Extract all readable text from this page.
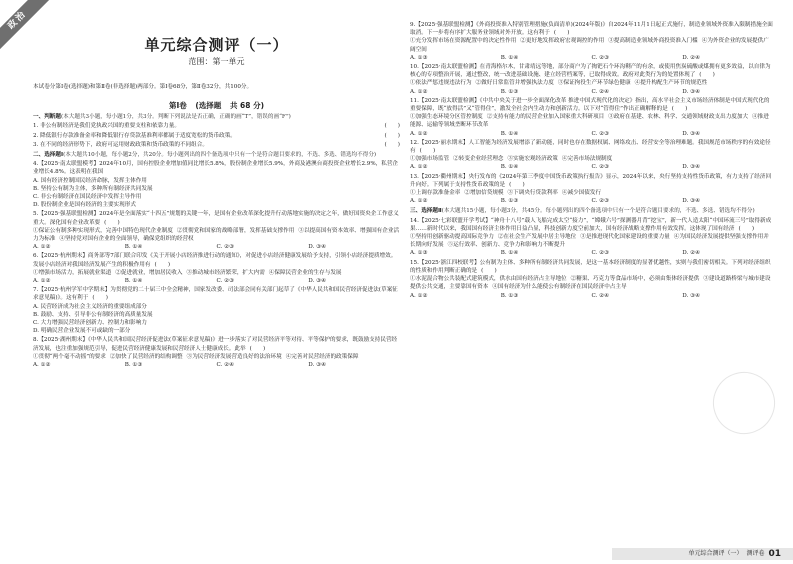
政治
单元综合测评（一）
范围：第一单元
本试卷分第Ⅰ卷(选择题)和第Ⅱ卷(非选择题)两部分。第Ⅰ卷68分，第Ⅱ卷32分，共100分。
第Ⅰ卷 (选择题 共 68 分)
一、判断题(本大题共3小题，每小题1分，共3分。判断下列说法是否正确，正确的画“T”，错误的画“F”)
1. 非公有制经济是我们党执政兴国的重要支柱和依靠力量。	(　　)
2. 降低银行存款准备金率和降低银行存贷款基准利率都属于适度宽松的货币政策。	(　　)
3. 在不同的经济形势下，政府可运用财政政策和货币政策的不同组合。	(　　)
二、选择题Ⅰ(本大题共10小题，每小题2分，共20分。每小题列出的四个备选项中只有一个是符合题目要求的，不选、多选、错选均不得分)
4.【2025·南太联盟模考】2024年10月，国有控股企业增加值同比增长5.8%，股份制企业增长5.9%，外商及港澳台商投资企业增长2.9%，私营企业增长4.8%。这表明在我国
A. 国有经济控制国民经济命脉，发挥主体作用
B. 坚持公有制为主体，多种所有制经济共同发展
C. 非公有制经济在国民经济中发挥主导作用
D. 股份制企业是国有经济的主要实现形式
5.【2025·强基联盟检测】2024年是全面落实“十四五”规划的关键一年，是国有企业改革深化提升行动落地实施的决定之年，做好国资央企工作意义重大。深化国有企业改革要 (　　)
①保证公有制多种实现形式，完善中国特色现代企业制度 ②贯彻党和国家的战略部署，发挥基础支撑作用 ③以提高国有资本效率、增强国有企业活力为标准 ④坚持党对国有企业的全面领导，确保党组织的经营权
A. ①②	B. ①④	C. ②③	D. ③④
6.【2025·杭州期末】商务部等7部门联合印发《关于开展小店经济推进行动的通知》，对促进小店经济健康发展给予支持，引领小店经济提质增效。发展小店经济对我国经济发展产生的积极作用有 (　　)
①增强市场活力，拓展就业渠道 ②促进就业，增加居民收入 ③推动城市经济繁荣，扩大内需 ④保障民营企业的生存与发展
A. ①②	B. ①④	C. ②③	D. ③④
7.【2025·杭州学军中学期末】为贯彻党的二十届三中全会精神，国家发改委、司法部会同有关部门起草了《中华人民共和国民营经济促进法(草案征求意见稿)》。这有利于 (　　)
A. 民营经济成为社会主义经济的重要组成部分
B. 鼓励、支持、引导非公有制经济的高质量发展
C. 大力增强民营经济创新力、控制力和影响力
D. 明确民营企业发展不可或缺的一部分
8.【2025·湖州期末】《中华人民共和国民营经济促进法(草案征求意见稿)》进一步落实了对民营经济平等对待、平等保护的要求，既鼓励支持民营经济发展，也注重加强规范引导，促进民营经济健康发展和民营经济人士健康成长。此举 (　　)
①贯彻“两个毫不动摇”的要求 ②加快了民营经济的结构调整 ③为民营经济发展营造良好的法治环境 ④完善对民营经济的政策保障
A. ①②	B. ①③	C. ②④	D. ③④
9.【2025·强基联盟检测】《外商投资准入特别管理措施(负面清单)(2024年版)》自2024年11月1日起正式施行，制造业领域外资准入限制措施全面取消。下一步将有序扩大服务业领域对外开放。这有利于 (　　)
①充分发挥市场在资源配置中的决定性作用 ②更好地发挥政府宏观调控的作用 ③提高制造业领域外商投资准入门槛 ④为外资企业的发展提供广阔空间
A. ①③	B. ①④	C. ②③	D. ②④
10.【2025·南太联盟检测】在青海格尔木，甘肃靖远等地，部分商户为了掏钯石个环沟剩产的有余，或使用焦炭硫酸或煤拥有更多效益，以自律为核心的专项整治开展，通过整改，统一改进基础设施、建立经营档案等，已取得成效。政府对此类行为的处置体现了 (　　)
①依法严惩违规违法行为 ②做好日常监管并增强执法力度 ③保证拘役生产环节绿色健康 ④提升构配生产环节的规范性
A. ①②	B. ①③	C. ②④	D. ③④
11.【2025·南太联盟检测】《中共中央关于进一步全面深化改革 推进中国式现代化的决定》指出，高水平社会主义市场经济体制是中国式现代化的重要保障，既“放得活”又“管得住”，激发全社会内生动力和创新活力。以下对“管得住”作出正确解释的是 (　　)
①加强生态环境分区管控制度 ②支持有能力的民营企业加入国家重大科研项目 ③政府在基建、农林、科学、交通领域财政支出力度加大 ④推进能源、运输等领域垄断环节改革
A. ①②	B. ①④	C. ②③	D. ③④
12.【2025·丽水期末】人工智能为经济发展增添了新动能，同时也存在数据权属、网络攻击、经营安全等治理难题。我国规范市场秩序的有效途径有 (　　)
①加强市场监管 ②转变企业经营理念 ③实施宏观经济政策 ④完善市场法规制度
A. ①②	B. ①④	C. ②③	D. ③④
13.【2025·衢州期末】央行发布的《2024年第三季度中国货币政策执行报告》显示，2024年以来，央行坚持支持性货币政策，有力支持了经济回升向好。下列属于支持性货币政策的是 (　　)
①上调存款准备金率 ②增加信贷规模 ③下调央行贷款利率 ④减少国债发行
A. ①②	B. ①③	C. ②③	D. ③④
三、选择题Ⅱ(本大题共15小题，每小题3分，共45分。每小题列出的四个备选项中只有一个是符合题目要求的，不选、多选、错选均不得分)
14.【2025·七彩联盟开学考试】“神舟十八号”载人飞船完成太空“接力”，“嫦娥六号”探测器月背“挖宝”，新一代人造太阳“中国环流三号”取得新成果……新时代以来，我国国有经济主体作用日益凸显，科技创新力度空前加大，国有经济战略支撑作用有效发挥。这体现了国有经济 (　　)
①坚持用创新驱动提高国际竞争力 ②在社会生产发展中居主导地位 ③是推进现代化国家建设的重要力量 ④为国民经济发展提供坚强支撑作用并长期向好发展 ⑤运行效率、创新力、竞争力和影响力不断提升
A. ①③	B. ①④	C. ②③	D. ②④
15.【2025·浙江四校联考】公有制为主体、多种所有制经济共同发展，是这一基本经济制度的显著优越性，实则与我们密切相关。下列对经济组织的性质和作用判断正确的是 (　　)
①水泥混合物公共装配式建筑模式，供水由国有经济占主导地位 ②糖果、巧克力等食品市场中，必须由集体经济提供 ③建设道路桥梁与城市建设提供公共交通，主要靠国有资本 ④国有经济为什么能使公有制经济在国民经济中占主导
A. ①②	B. ①③	C. ②④	D. ③④
单元综合测评（一） 测评卷 01
